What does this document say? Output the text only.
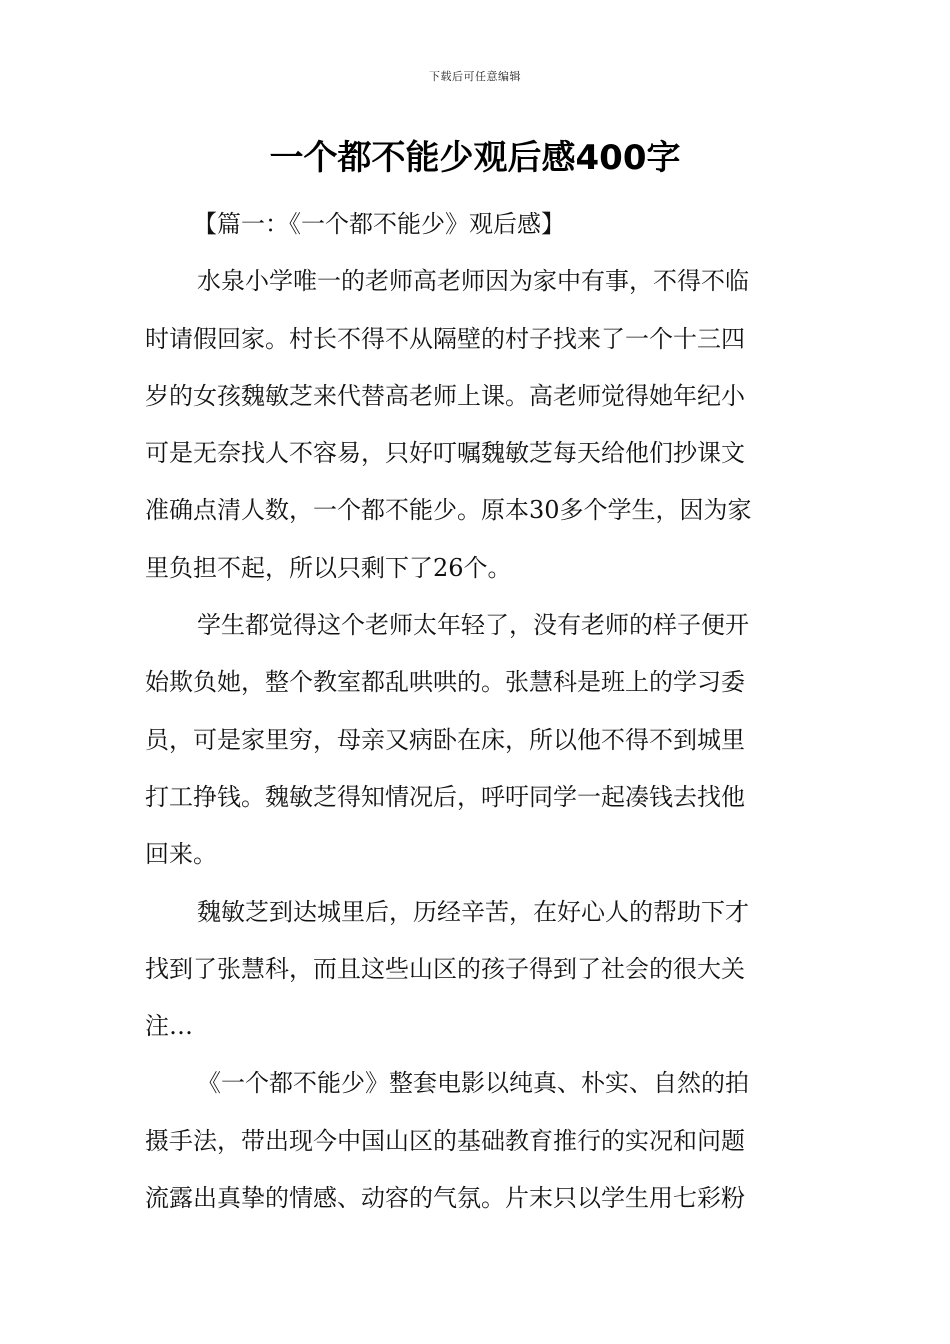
下载后可任意编辑
一个都不能少观后感400字
【篇一：《一个都不能少》观后感】
水泉小学唯一的老师高老师因为家中有事，不得不临
时请假回家。村长不得不从隔壁的村子找来了一个十三四
岁的女孩魏敏芝来代替高老师上课。高老师觉得她年纪小
可是无奈找人不容易，只好叮嘱魏敏芝每天给他们抄课文
准确点清人数，一个都不能少。原本30多个学生，因为家
里负担不起，所以只剩下了26个。
学生都觉得这个老师太年轻了，没有老师的样子便开
始欺负她，整个教室都乱哄哄的。张慧科是班上的学习委
员，可是家里穷，母亲又病卧在床，所以他不得不到城里
打工挣钱。魏敏芝得知情况后，呼吁同学一起凑钱去找他
回来。
魏敏芝到达城里后，历经辛苦，在好心人的帮助下才
找到了张慧科，而且这些山区的孩子得到了社会的很大关
注…
《一个都不能少》整套电影以纯真、朴实、自然的拍
摄手法，带出现今中国山区的基础教育推行的实况和问题
流露出真挚的情感、动容的气氛。片末只以学生用七彩粉
